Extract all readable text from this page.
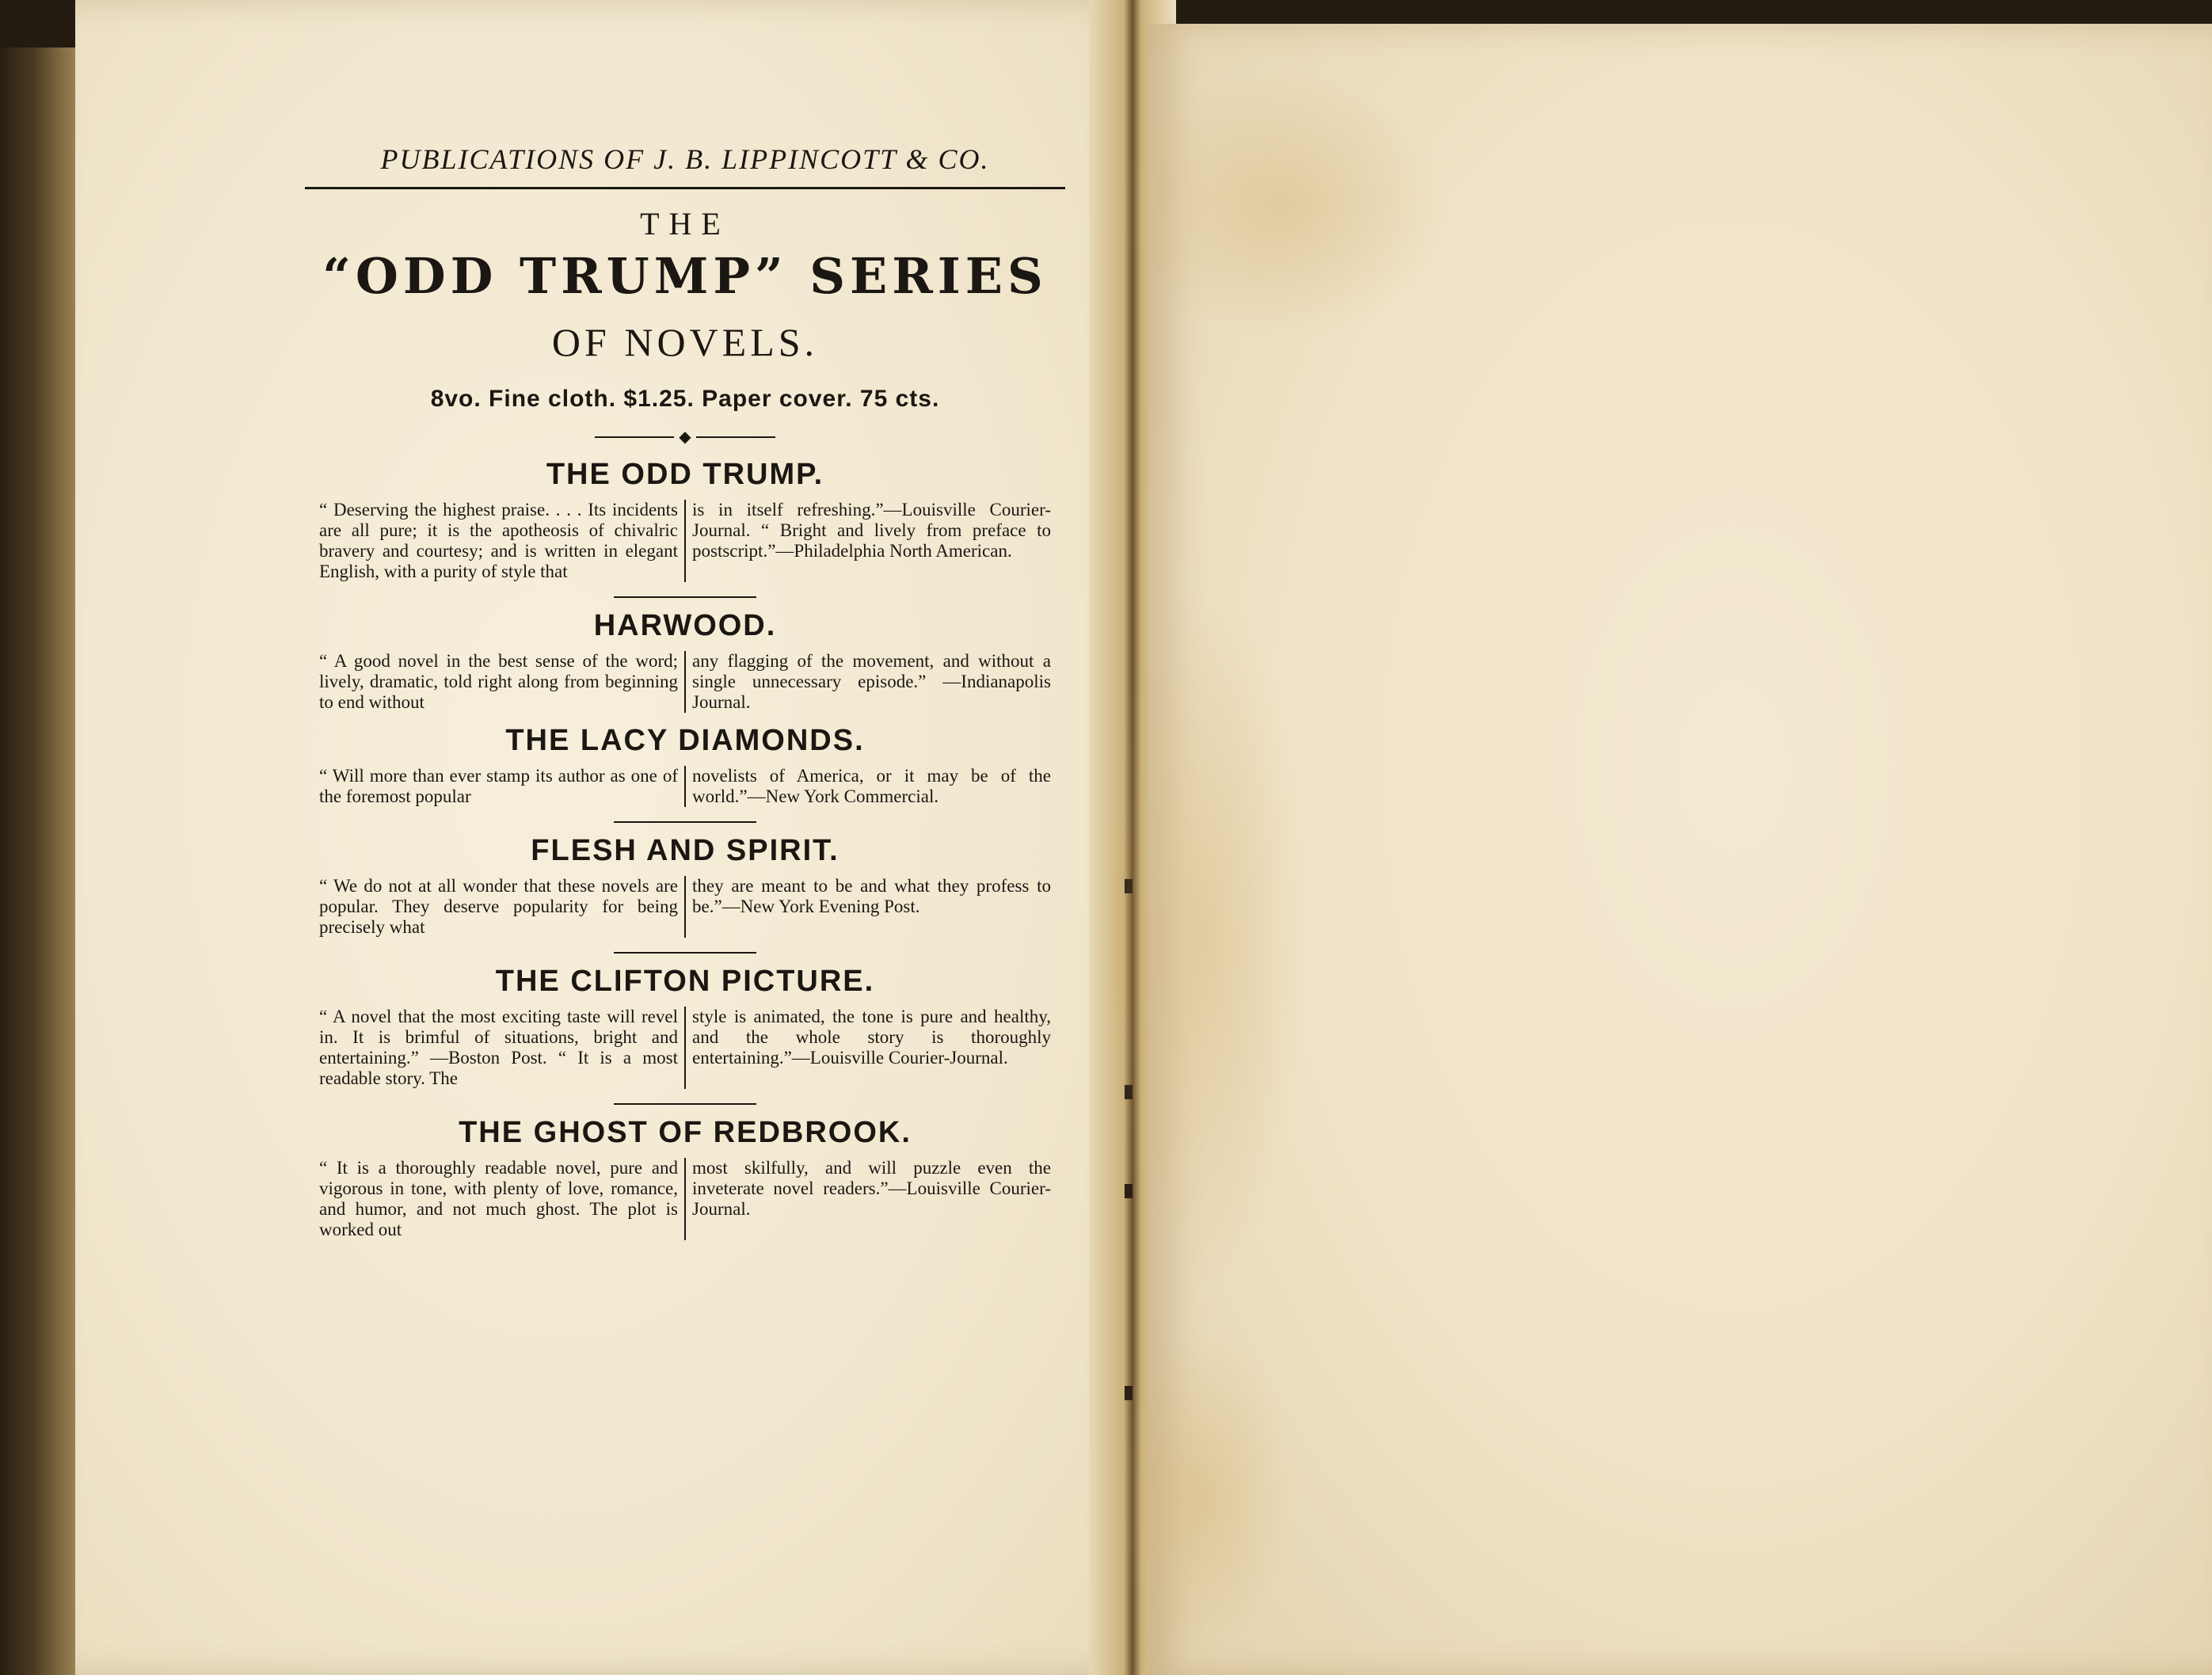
PUBLICATIONS OF J. B. LIPPINCOTT & CO.
THE
“ODD TRUMP” SERIES
OF NOVELS.
8vo. Fine cloth. $1.25. Paper cover. 75 cts.
◆
THE ODD TRUMP.
“ Deserving the highest praise. . . . Its incidents are all pure; it is the apotheosis of chivalric bravery and courtesy; and is written in elegant English, with a purity of style that
is in itself refreshing.”—Louisville Courier-Journal. “ Bright and lively from preface to postscript.”—Philadelphia North American.
HARWOOD.
“ A good novel in the best sense of the word; lively, dramatic, told right along from beginning to end without
any flagging of the movement, and without a single unnecessary episode.” —Indianapolis Journal.
THE LACY DIAMONDS.
“ Will more than ever stamp its author as one of the foremost popular
novelists of America, or it may be of the world.”—New York Commercial.
FLESH AND SPIRIT.
“ We do not at all wonder that these novels are popular. They deserve popularity for being precisely what
they are meant to be and what they profess to be.”—New York Evening Post.
THE CLIFTON PICTURE.
“ A novel that the most exciting taste will revel in. It is brimful of situations, bright and entertaining.” —Boston Post. “ It is a most readable story. The
style is animated, the tone is pure and healthy, and the whole story is thoroughly entertaining.”—Louisville Courier-Journal.
THE GHOST OF REDBROOK.
“ It is a thoroughly readable novel, pure and vigorous in tone, with plenty of love, romance, and humor, and not much ghost. The plot is worked out
most skilfully, and will puzzle even the inveterate novel readers.”—Louisville Courier-Journal.
